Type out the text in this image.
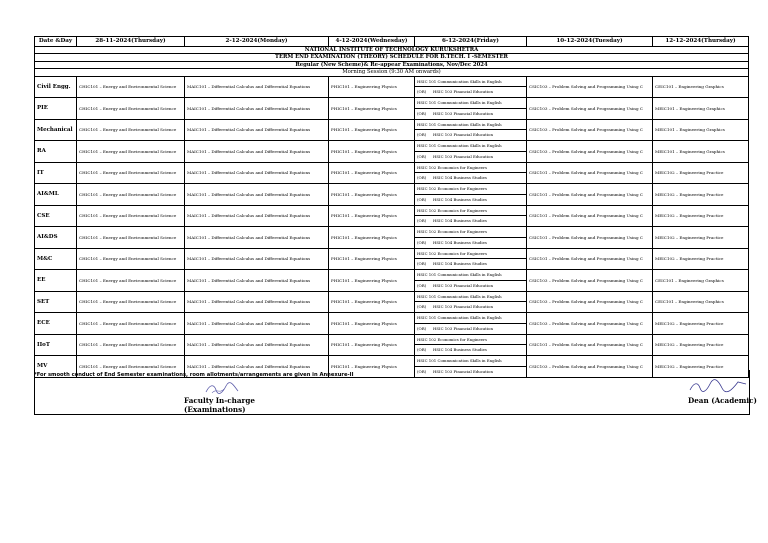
NATIONAL INSTITUTE OF TECHNOLOGY KURUKSHETRA						
TERM END EXAMINATION (THEORY) SCHEDULE FOR B.TECH. I -SEMESTER						
Regular (New Scheme)& Re-appear Examinations, Nov/Dec 2024						
Morning Session (9:30 AM onwards)						
Date &Day	28-11-2024(Thursday)	2-12-2024(Monday)	4-12-2024(Wednesday)	6-12-2024(Friday)	10-12-2024(Tuesday)	12-12-2024(Thursday)
Civil Engg.	CHIC101 – Energy and Environmental Science	MAIC101 – Differential Calculus and Differential Equations	PHIC101 – Engineering Physics	HSIC 101 Communication Skills in English
(OR) HSIC 103 Financial Education	CSIC103 – Problem Solving and Programming Using C	CEIC101 – Engineering Graphics
PIE	CHIC101 – Energy and Environmental Science	MAIC101 – Differential Calculus and Differential Equations	PHIC101 – Engineering Physics	HSIC 101 Communication Skills in English
(OR) HSIC 103 Financial Education	CSIC103 – Problem Solving and Programming Using C	MEIC101 – Engineering Graphics
Mechanical	CHIC101 – Energy and Environmental Science	MAIC101 – Differential Calculus and Differential Equations	PHIC101 – Engineering Physics	HSIC 101 Communication Skills in English
(OR) HSIC 103 Financial Education	CSIC103 – Problem Solving and Programming Using C	MEIC101 – Engineering Graphics
RA	CHIC101 – Energy and Environmental Science	MAIC101 – Differential Calculus and Differential Equations	PHIC101 – Engineering Physics	HSIC 101 Communication Skills in English
(OR) HSIC 103 Financial Education	CSIC103 – Problem Solving and Programming Using C	MEIC101 – Engineering Graphics
IT	CHIC101 – Energy and Environmental Science	MAIC101 – Differential Calculus and Differential Equations	PHIC101 – Engineering Physics	HSIC 102 Economics for Engineers
(OR) HSIC 104 Business Studies	CSIC101 – Problem Solving and Programming Using C	MEIC102 – Engineering Practice
AI&ML	CHIC101 – Energy and Environmental Science	MAIC101 – Differential Calculus and Differential Equations	PHIC101 – Engineering Physics	HSIC 102 Economics for Engineers
(OR) HSIC 104 Business Studies	CSIC101 – Problem Solving and Programming Using C	MEIC102 – Engineering Practice
CSE	CHIC101 – Energy and Environmental Science	MAIC101 – Differential Calculus and Differential Equations	PHIC101 – Engineering Physics	HSIC 102 Economics for Engineers
(OR) HSIC 104 Business Studies	CSIC101 – Problem Solving and Programming Using C	MEIC102 – Engineering Practice
AI&DS	CHIC101 – Energy and Environmental Science	MAIC101 – Differential Calculus and Differential Equations	PHIC101 – Engineering Physics	HSIC 102 Economics for Engineers
(OR) HSIC 104 Business Studies	CSIC101 – Problem Solving and Programming Using C	MEIC102 – Engineering Practice
M&C	CHIC101 – Energy and Environmental Science	MAIC101 – Differential Calculus and Differential Equations	PHIC101 – Engineering Physics	HSIC 102 Economics for Engineers
(OR) HSIC 104 Business Studies	CSIC101 – Problem Solving and Programming Using C	MEIC102 – Engineering Practice
EE	CHIC101 – Energy and Environmental Science	MAIC101 – Differential Calculus and Differential Equations	PHIC101 – Engineering Physics	HSIC 101 Communication Skills in English
(OR) HSIC 103 Financial Education	CSIC103 – Problem Solving and Programming Using C	CEIC101 – Engineering Graphics
SET	CHIC101 – Energy and Environmental Science	MAIC101 – Differential Calculus and Differential Equations	PHIC101 – Engineering Physics	HSIC 101 Communication Skills in English
(OR) HSIC 103 Financial Education	CSIC103 – Problem Solving and Programming Using C	CEIC101 – Engineering Graphics
ECE	CHIC101 – Energy and Environmental Science	MAIC101 – Differential Calculus and Differential Equations	PHIC101 – Engineering Physics	HSIC 101 Communication Skills in English
(OR) HSIC 103 Financial Education	CSIC103 – Problem Solving and Programming Using C	MEIC102 – Engineering Practice
IIoT	CHIC101 – Energy and Environmental Science	MAIC101 – Differential Calculus and Differential Equations	PHIC101 – Engineering Physics	HSIC 102 Economics for Engineers
(OR) HSIC 104 Business Studies	CSIC101 – Problem Solving and Programming Using C	MEIC102 – Engineering Practice
MV	CHIC101 – Energy and Environmental Science	MAIC101 – Differential Calculus and Differential Equations	PHIC101 – Engineering Physics	HSIC 101 Communication Skills in English
(OR) HSIC 103 Financial Education	CSIC103 – Problem Solving and Programming Using C	MEIC102 – Engineering Practice
*For smooth conduct of End Semester examinations, room allotments/arrangements are given in Annexure-II
Faculty In-charge
(Examinations)
Dean (Academic)
